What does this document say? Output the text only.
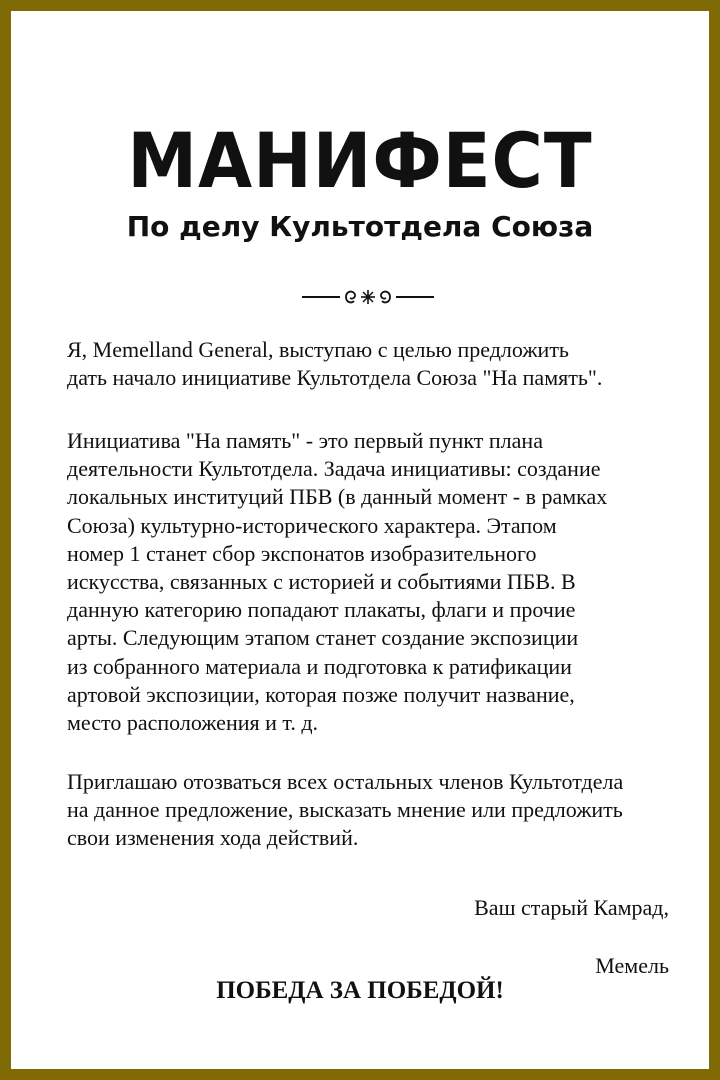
МАНИФЕСТ
По делу Культотдела Союза

Я, Memelland General, выступаю с целью предложить
дать начало инициативе Культотдела Союза "На память".

Инициатива "На память" - это первый пункт плана
деятельности Культотдела. Задача инициативы: создание
локальных институций ПБВ (в данный момент - в рамках
Союза) культурно-исторического характера. Этапом
номер 1 станет сбор экспонатов изобразительного
искусства, связанных с историей и событиями ПБВ. В
данную категорию попадают плакаты, флаги и прочие
арты. Следующим этапом станет создание экспозиции
из собранного материала и подготовка к ратификации
артовой экспозиции, которая позже получит название,
место расположения и т. д.

Приглашаю отозваться всех остальных членов Культотдела
на данное предложение, высказать мнение или предложить
свои изменения хода действий.

Ваш старый Камрад,

Мемель

ПОБЕДА ЗА ПОБЕДОЙ!
